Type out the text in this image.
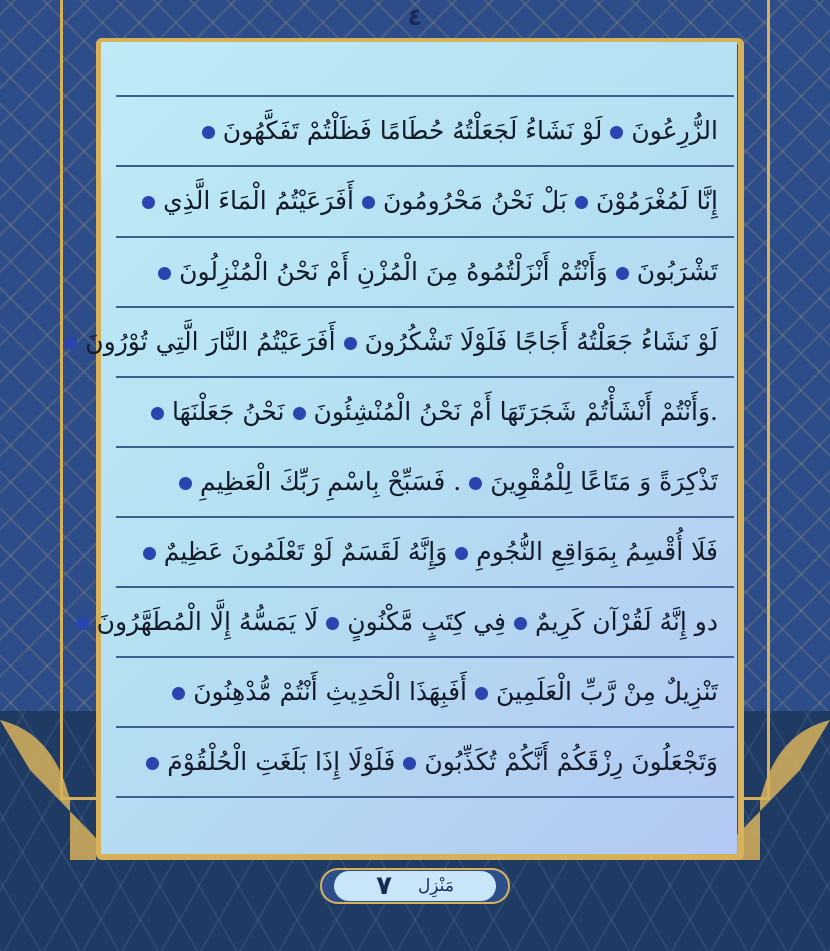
٤
الزُّرِعُونَلَوْ نَشَاءُ لَجَعَلْتُهُ حُطَامًا فَظَلْتُمْ تَفَكَّهُونَ
إِنَّا لَمُغْرَمُوْنَبَلْ نَحْنُ مَحْرُومُونَأَفَرَعَيْتُمُ الْمَاءَ الَّذِي
تَشْرَبُونَوَأَنْتُمْ أَنْزَلْتُمُوهُ مِنَ الْمُزْنِ أَمْ نَحْنُ الْمُنْزِلُونَ
لَوْ نَشَاءُ جَعَلْتُهُ أَجَاجًا فَلَوْلَا تَشْكُرُونَأَفَرَعَيْتُمُ النَّارَ الَّتِي تُوْرُونَ
.وَأَنْتُمْ أَنْشَأْتُمْ شَجَرَتَهَا أَمْ نَحْنُ الْمُنْشِئُونَنَحْنُ جَعَلْنَهَا
تَذْكِرَةً وَ مَتَاعًا لِلْمُقْوِينَ. فَسَبِّحْ بِاسْمِ رَبِّكَ الْعَظِيمِ
فَلَا أُقْسِمُ بِمَوَاقِعِ النُّجُومِوَإِنَّهُ لَقَسَمٌ لَوْ تَعْلَمُونَ عَظِيمٌ
دو إِنَّهُ لَقُرْآن كَرِيمٌفِي كِتَبٍ مَّكْنُونٍلَا يَمَسُّهُ إِلَّا الْمُطَهَّرُونَ
تَنْزِيلٌ مِنْ رَّبِّ الْعَلَمِينَأَفَبِهَذَا الْحَدِيثِ أَنْتُمْ مُّدْهِنُونَ
وَتَجْعَلُونَ رِزْقَكُمْ أَنَّكُمْ تُكَذِّبُونَفَلَوْلَا إِذَا بَلَغَتِ الْحُلْقُوْمَ
مَنْزِل
٧
